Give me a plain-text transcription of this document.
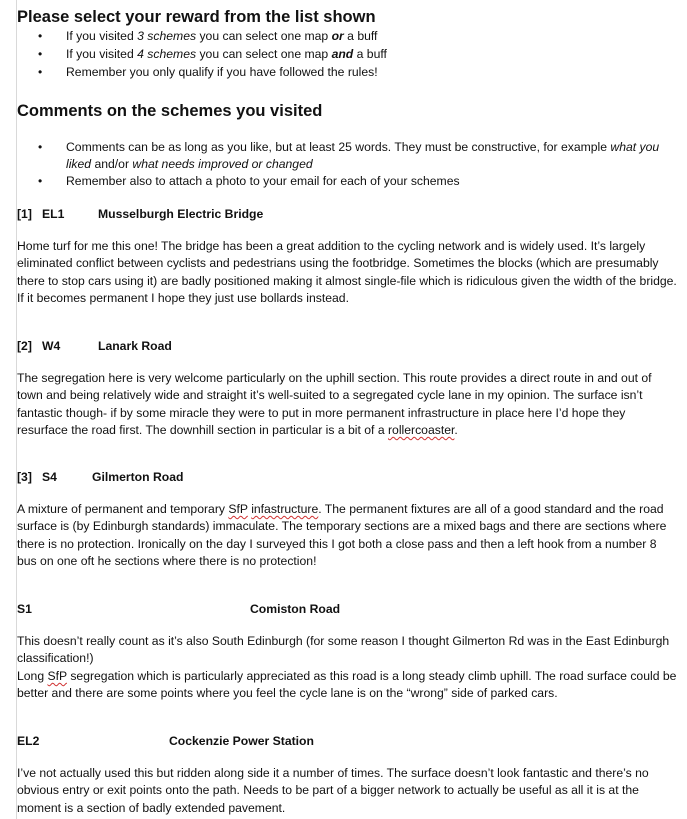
Please select your reward from the list shown
• If you visited 3 schemes you can select one map or a buff
• If you visited 4 schemes you can select one map and a buff
• Remember you only qualify if you have followed the rules!
Comments on the schemes you visited
• Comments can be as long as you like, but at least 25 words. They must be constructive, for example what you liked and/or what needs improved or changed
• Remember also to attach a photo to your email for each of your schemes
[1] EL1	Musselburgh Electric Bridge
Home turf for me this one! The bridge has been a great addition to the cycling network and is widely used. It’s largely eliminated conflict between cyclists and pedestrians using the footbridge. Sometimes the blocks (which are presumably there to stop cars using it) are badly positioned making it almost single-file which is ridiculous given the width of the bridge. If it becomes permanent I hope they just use bollards instead.
[2] W4	Lanark Road
The segregation here is very welcome particularly on the uphill section. This route provides a direct route in and out of town and being relatively wide and straight it’s well-suited to a segregated cycle lane in my opinion. The surface isn’t fantastic though- if by some miracle they were to put in more permanent infrastructure in place here I’d hope they resurface the road first. The downhill section in particular is a bit of a rollercoaster.
[3] S4	Gilmerton Road
A mixture of permanent and temporary SfP infastructure. The permanent fixtures are all of a good standard and the road surface is (by Edinburgh standards) immaculate. The temporary sections are a mixed bags and there are sections where there is no protection. Ironically on the day I surveyed this I got both a close pass and then a left hook from a number 8 bus on one oft he sections where there is no protection!
S1	Comiston Road
This doesn’t really count as it’s also South Edinburgh (for some reason I thought Gilmerton Rd was in the East Edinburgh classification!)
Long SfP segregation which is particularly appreciated as this road is a long steady climb uphill. The road surface could be better and there are some points where you feel the cycle lane is on the “wrong” side of parked cars.
EL2	Cockenzie Power Station
I’ve not actually used this but ridden along side it a number of times. The surface doesn’t look fantastic and there’s no obvious entry or exit points onto the path. Needs to be part of a bigger network to actually be useful as all it is at the moment is a section of badly extended pavement.
